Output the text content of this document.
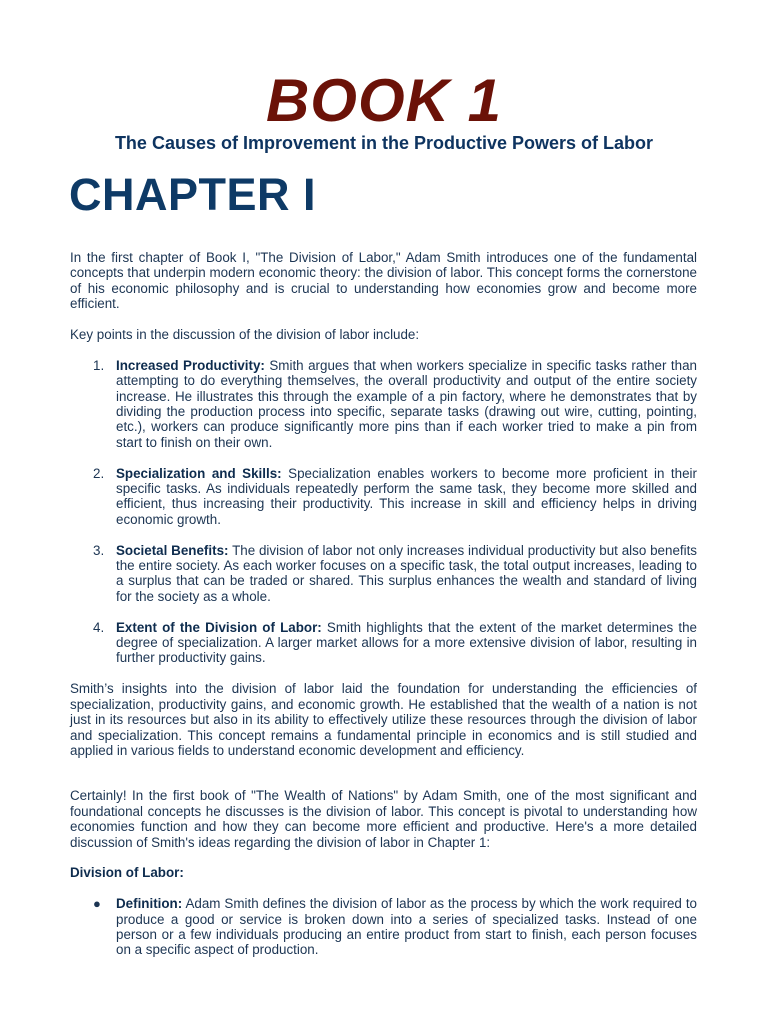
BOOK 1
The Causes of Improvement in the Productive Powers of Labor
CHAPTER I

In the first chapter of Book I, "The Division of Labor," Adam Smith introduces one of the fundamental concepts that underpin modern economic theory: the division of labor. This concept forms the cornerstone of his economic philosophy and is crucial to understanding how economies grow and become more efficient.

Key points in the discussion of the division of labor include:

1. Increased Productivity: Smith argues that when workers specialize in specific tasks rather than attempting to do everything themselves, the overall productivity and output of the entire society increase. He illustrates this through the example of a pin factory, where he demonstrates that by dividing the production process into specific, separate tasks (drawing out wire, cutting, pointing, etc.), workers can produce significantly more pins than if each worker tried to make a pin from start to finish on their own.
2. Specialization and Skills: Specialization enables workers to become more proficient in their specific tasks. As individuals repeatedly perform the same task, they become more skilled and efficient, thus increasing their productivity. This increase in skill and efficiency helps in driving economic growth.
3. Societal Benefits: The division of labor not only increases individual productivity but also benefits the entire society. As each worker focuses on a specific task, the total output increases, leading to a surplus that can be traded or shared. This surplus enhances the wealth and standard of living for the society as a whole.
4. Extent of the Division of Labor: Smith highlights that the extent of the market determines the degree of specialization. A larger market allows for a more extensive division of labor, resulting in further productivity gains.

Smith’s insights into the division of labor laid the foundation for understanding the efficiencies of specialization, productivity gains, and economic growth. He established that the wealth of a nation is not just in its resources but also in its ability to effectively utilize these resources through the division of labor and specialization. This concept remains a fundamental principle in economics and is still studied and applied in various fields to understand economic development and efficiency.

Certainly! In the first book of "The Wealth of Nations" by Adam Smith, one of the most significant and foundational concepts he discusses is the division of labor. This concept is pivotal to understanding how economies function and how they can become more efficient and productive. Here's a more detailed discussion of Smith's ideas regarding the division of labor in Chapter 1:

Division of Labor:

● Definition: Adam Smith defines the division of labor as the process by which the work required to produce a good or service is broken down into a series of specialized tasks. Instead of one person or a few individuals producing an entire product from start to finish, each person focuses on a specific aspect of production.
